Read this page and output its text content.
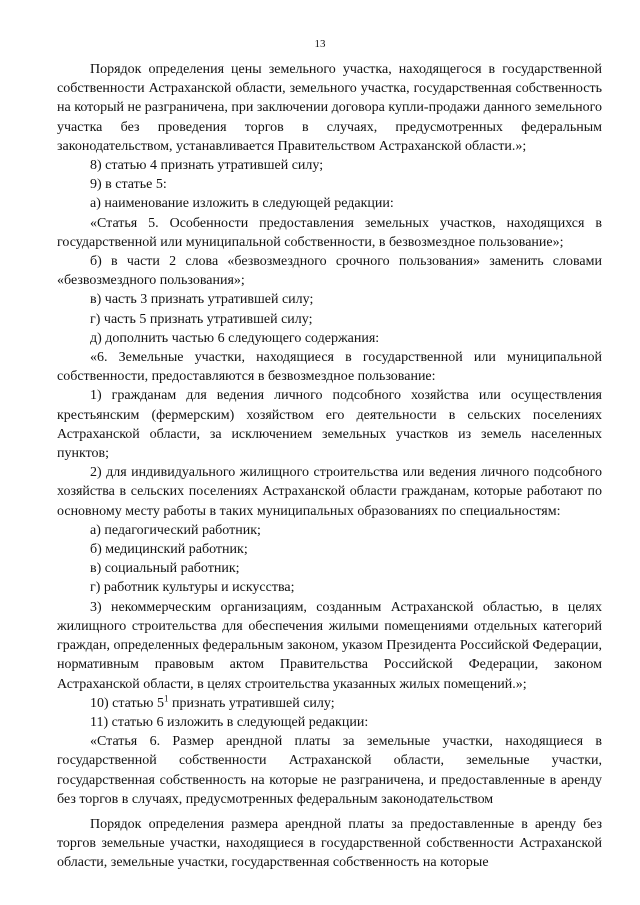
13

Порядок определения цены земельного участка, находящегося в государственной собственности Астраханской области, земельного участка, государственная собственность на который не разграничена, при заключении договора купли-продажи данного земельного участка без проведения торгов в случаях, предусмотренных федеральным законодательством, устанавливается Правительством Астраханской области.»;

8) статью 4 признать утратившей силу;

9) в статье 5:

а) наименование изложить в следующей редакции:

«Статья 5. Особенности предоставления земельных участков, находящихся в государственной или муниципальной собственности, в безвозмездное пользование»;

б) в части 2 слова «безвозмездного срочного пользования» заменить словами «безвозмездного пользования»;

в) часть 3 признать утратившей силу;

г) часть 5 признать утратившей силу;

д) дополнить частью 6 следующего содержания:

«6. Земельные участки, находящиеся в государственной или муниципальной собственности, предоставляются в безвозмездное пользование:

1) гражданам для ведения личного подсобного хозяйства или осуществления крестьянским (фермерским) хозяйством его деятельности в сельских поселениях Астраханской области, за исключением земельных участков из земель населенных пунктов;

2) для индивидуального жилищного строительства или ведения личного подсобного хозяйства в сельских поселениях Астраханской области гражданам, которые работают по основному месту работы в таких муниципальных образованиях по специальностям:

а) педагогический работник;

б) медицинский работник;

в) социальный работник;

г) работник культуры и искусства;

3) некоммерческим организациям, созданным Астраханской областью, в целях жилищного строительства для обеспечения жилыми помещениями отдельных категорий граждан, определенных федеральным законом, указом Президента Российской Федерации, нормативным правовым актом Правительства Российской Федерации, законом Астраханской области, в целях строительства указанных жилых помещений.»;

10) статью $5^1$ признать утратившей силу;

11) статью 6 изложить в следующей редакции:

«Статья 6. Размер арендной платы за земельные участки, находящиеся в государственной собственности Астраханской области, земельные участки, государственная собственность на которые не разграничена, и предоставленные в аренду без торгов в случаях, предусмотренных федеральным законодательством

Порядок определения размера арендной платы за предоставленные в аренду без торгов земельные участки, находящиеся в государственной собственности Астраханской области, земельные участки, государственная собственность на которые
